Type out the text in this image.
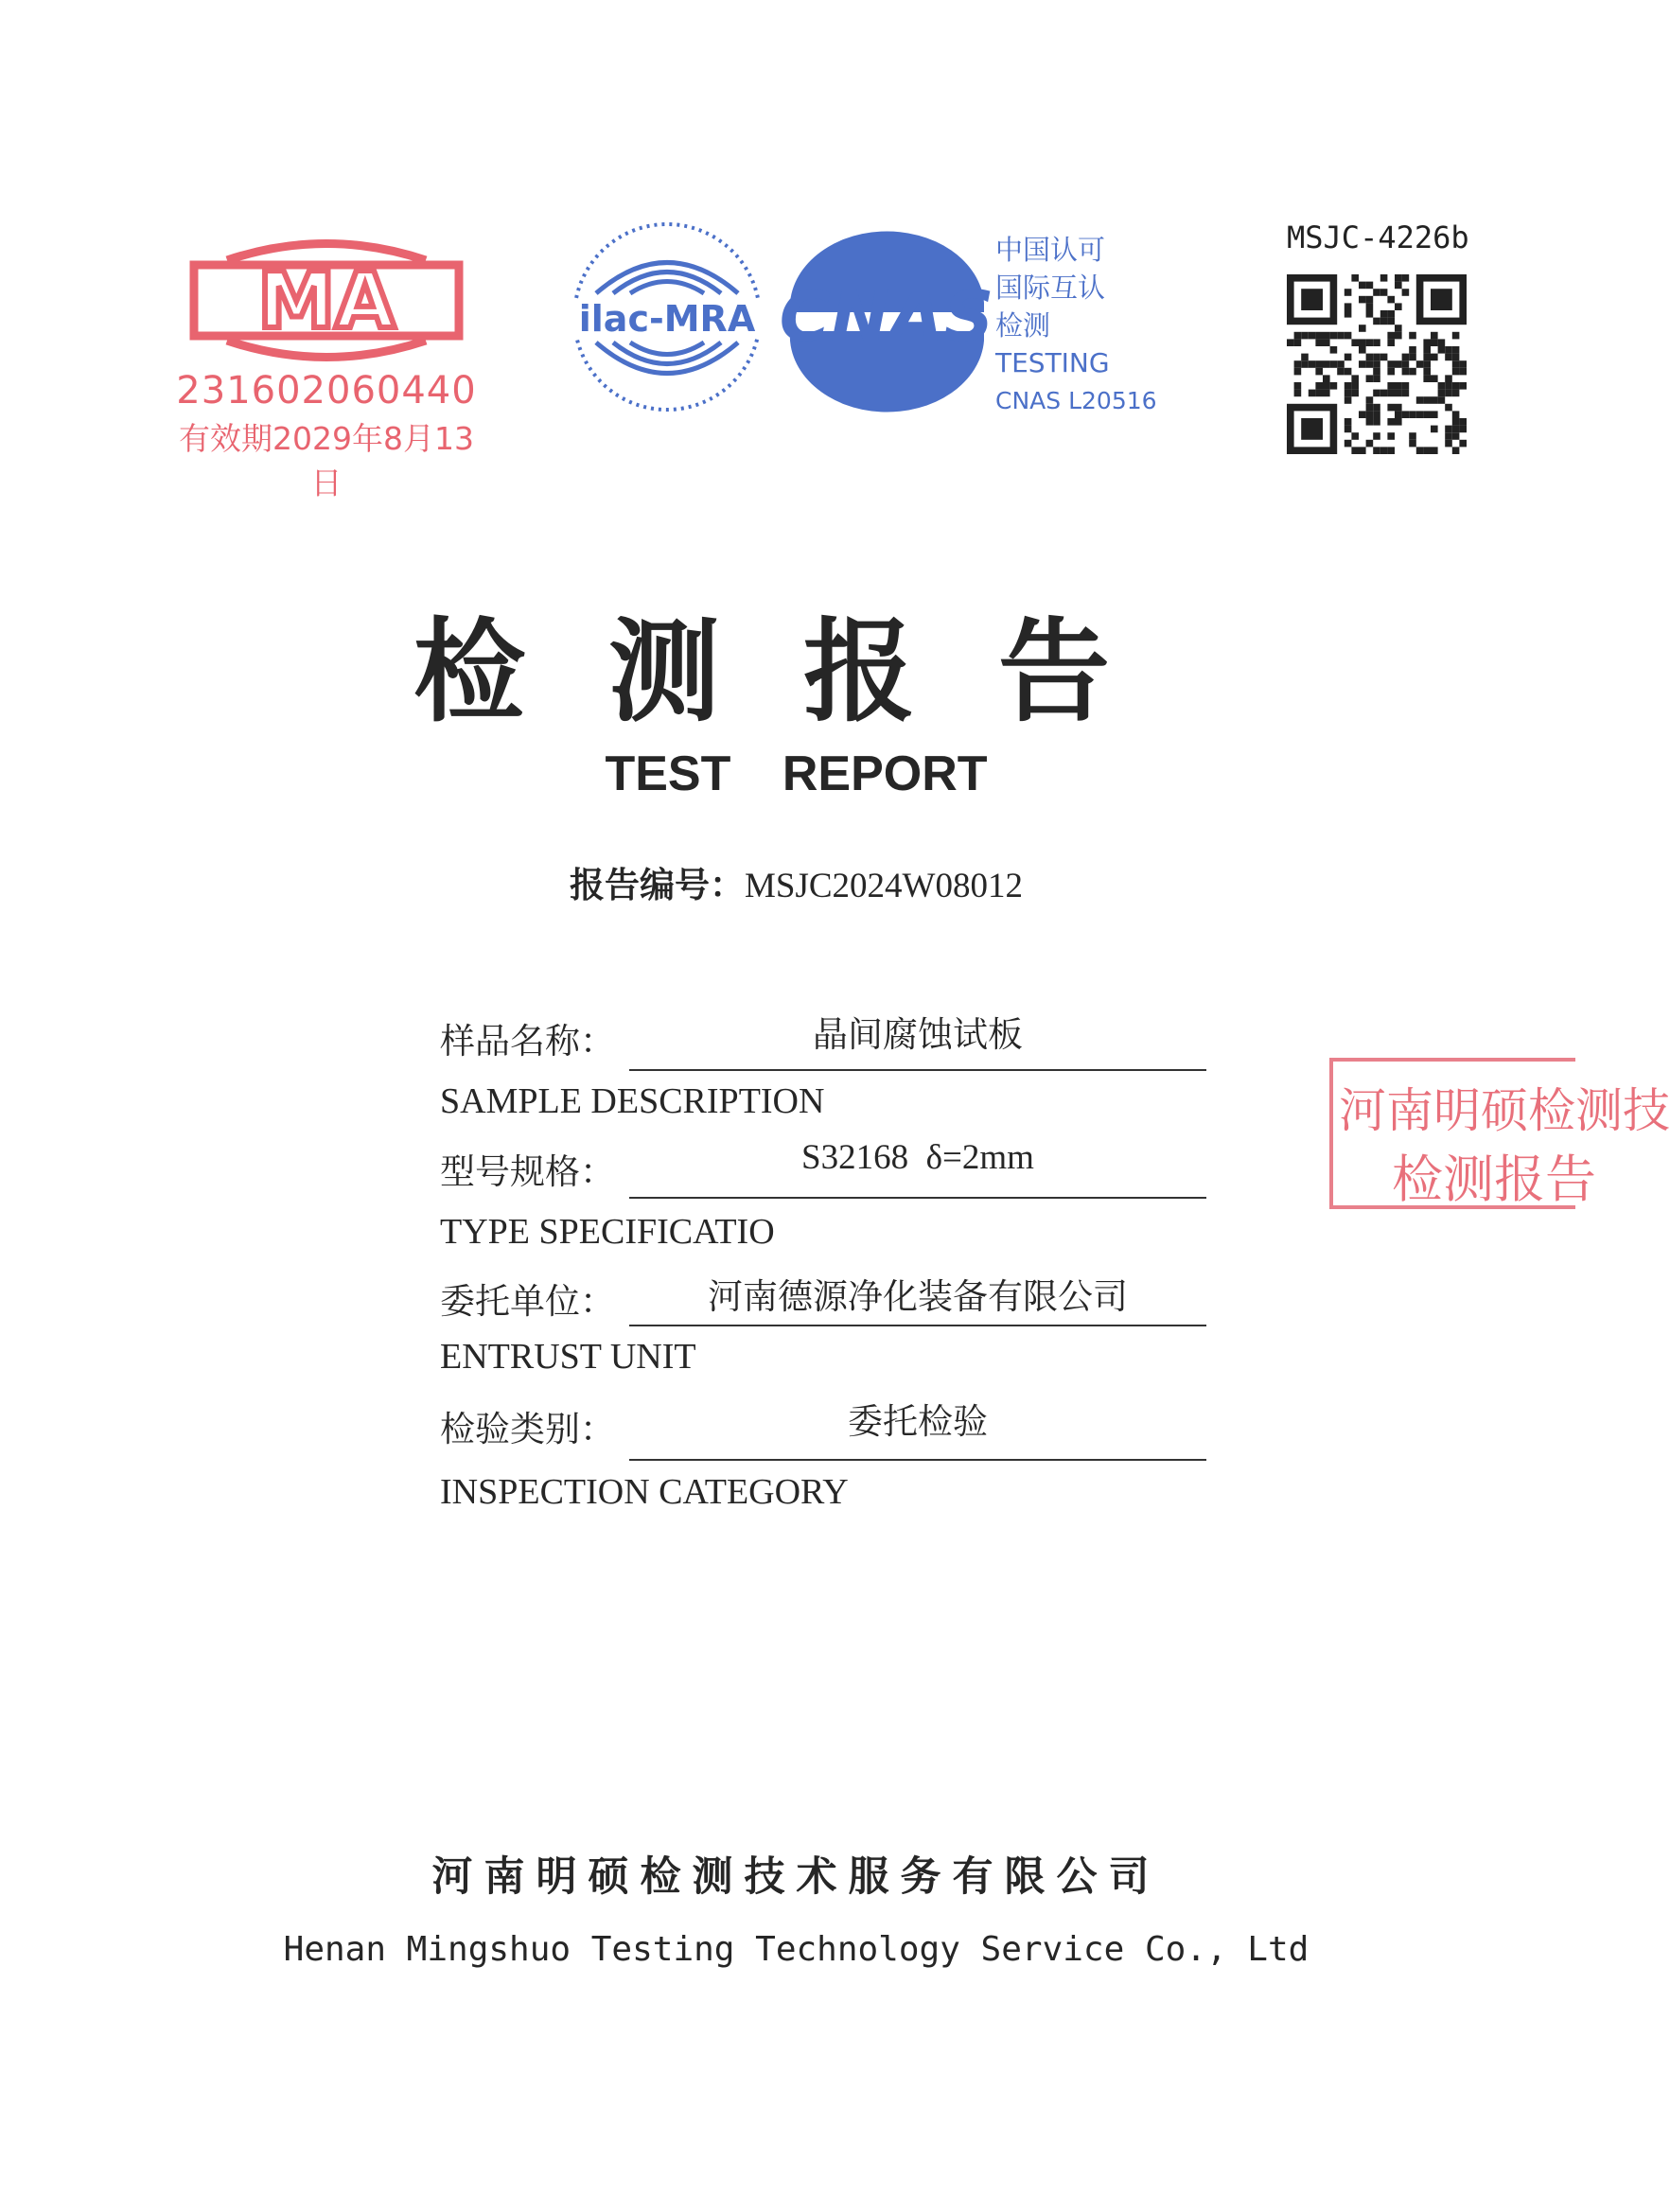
MA
231602060440
有效期2029年8月13日
ilac-MRA CNAS
中国认可
国际互认
检测
TESTING
CNAS L20516
MSJC-4226b
检测报告
TEST REPORT
报告编号：MSJC2024W08012
样品名称：	晶间腐蚀试板
SAMPLE DESCRIPTION
型号规格：	S32168  δ=2mm
TYPE SPECIFICATIO
委托单位：	河南德源净化装备有限公司
ENTRUST UNIT
检验类别：	委托检验
INSPECTION CATEGORY
河南明硕检测技
检测报告
河南明硕检测技术服务有限公司
Henan Mingshuo Testing Technology Service Co., Ltd
